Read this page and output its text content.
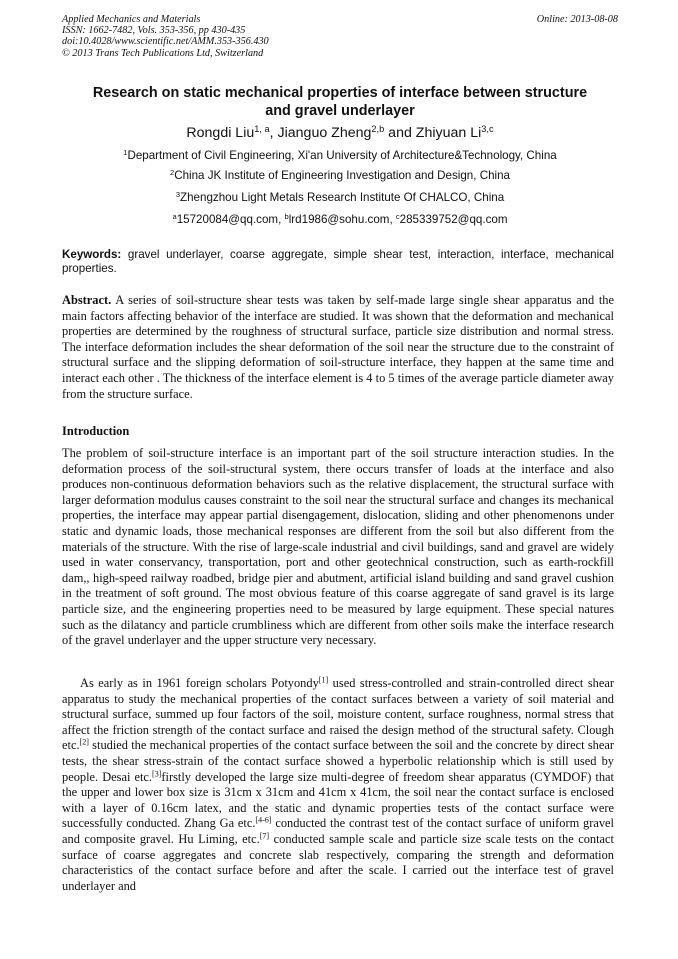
Applied Mechanics and Materials
ISSN: 1662-7482, Vols. 353-356, pp 430-435
doi:10.4028/www.scientific.net/AMM.353-356.430
© 2013 Trans Tech Publications Ltd, Switzerland
Online: 2013-08-08
Research on static mechanical properties of interface between structure
and gravel underlayer
Rongdi Liu$^{1, a}$, Jianguo Zheng$^{2,b}$ and Zhiyuan Li$^{3,c}$
$^1$Department of Civil Engineering, Xi'an University of Architecture&Technology, China
$^2$China JK Institute of Engineering Investigation and Design, China
$^3$Zhengzhou Light Metals Research Institute Of CHALCO, China
$^a$15720084@qq.com, $^b$lrd1986@sohu.com, $^c$285339752@qq.com
Keywords: gravel underlayer, coarse aggregate, simple shear test, interaction, interface, mechanical properties.
Abstract. A series of soil-structure shear tests was taken by self-made large single shear apparatus and the main factors affecting behavior of the interface are studied. It was shown that the deformation and mechanical properties are determined by the roughness of structural surface, particle size distribution and normal stress. The interface deformation includes the shear deformation of the soil near the structure due to the constraint of structural surface and the slipping deformation of soil-structure interface, they happen at the same time and interact each other . The thickness of the interface element is 4 to 5 times of the average particle diameter away from the structure surface.
Introduction

The problem of soil-structure interface is an important part of the soil structure interaction studies. In the deformation process of the soil-structural system, there occurs transfer of loads at the interface and also produces non-continuous deformation behaviors such as the relative displacement, the structural surface with larger deformation modulus causes constraint to the soil near the structural surface and changes its mechanical properties, the interface may appear partial disengagement, dislocation, sliding and other phenomenons under static and dynamic loads, those mechanical responses are different from the soil but also different from the materials of the structure. With the rise of large-scale industrial and civil buildings, sand and gravel are widely used in water conservancy, transportation, port and other geotechnical construction, such as earth-rockfill dam,, high-speed railway roadbed, bridge pier and abutment, artificial island building and sand gravel cushion in the treatment of soft ground. The most obvious feature of this coarse aggregate of sand gravel is its large particle size, and the engineering properties need to be measured by large equipment. These special natures such as the dilatancy and particle crumbliness which are different from other soils make the interface research of the gravel underlayer and the upper structure very necessary.

As early as in 1961 foreign scholars Potyondy[1] used stress-controlled and strain-controlled direct shear apparatus to study the mechanical properties of the contact surfaces between a variety of soil material and structural surface, summed up four factors of the soil, moisture content, surface roughness, normal stress that affect the friction strength of the contact surface and raised the design method of the structural safety. Clough etc.[2] studied the mechanical properties of the contact surface between the soil and the concrete by direct shear tests, the shear stress-strain of the contact surface showed a hyperbolic relationship which is still used by people. Desai etc.[3]firstly developed the large size multi-degree of freedom shear apparatus (CYMDOF) that the upper and lower box size is 31cm x 31cm and 41cm x 41cm, the soil near the contact surface is enclosed with a layer of 0.16cm latex, and the static and dynamic properties tests of the contact surface were successfully conducted. Zhang Ga etc.[4-6] conducted the contrast test of the contact surface of uniform gravel and composite gravel. Hu Liming, etc.[7] conducted sample scale and particle size scale tests on the contact surface of coarse aggregates and concrete slab respectively, comparing the strength and deformation characteristics of the contact surface before and after the scale. I carried out the interface test of gravel underlayer and
